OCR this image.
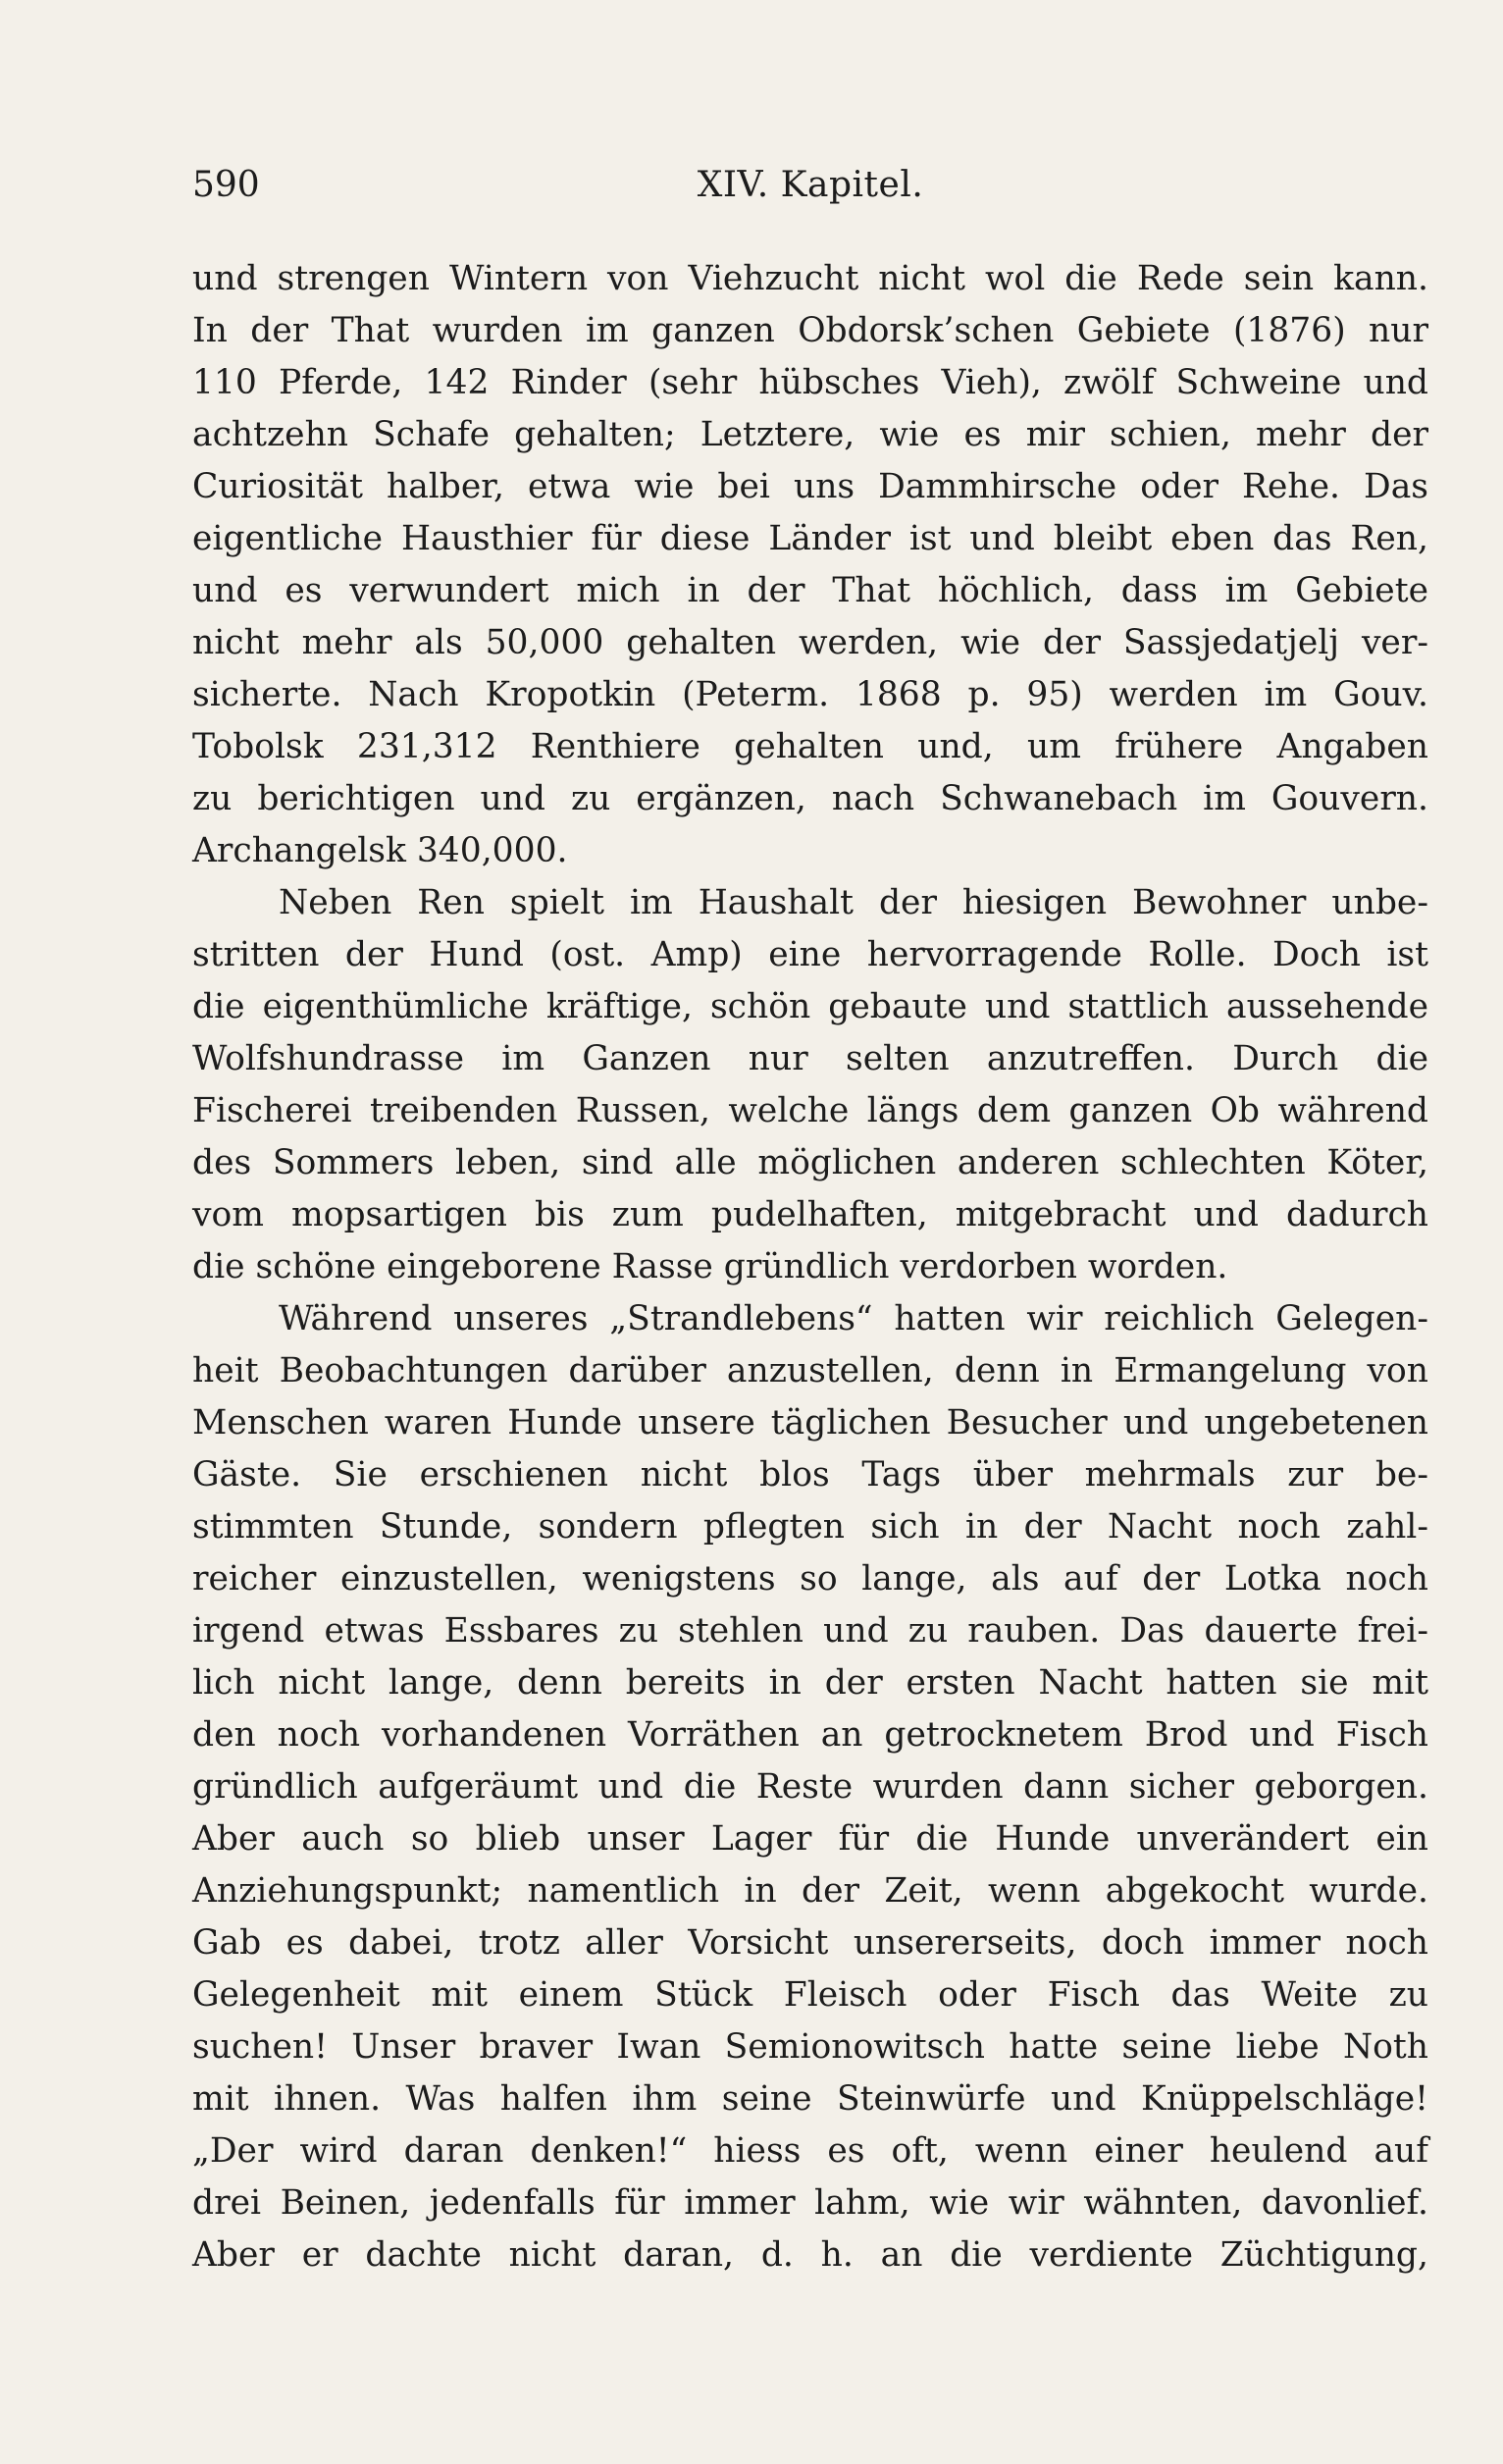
590	XIV. Kapitel.
und strengen Wintern von Viehzucht nicht wol die Rede sein kann.
In der That wurden im ganzen Obdorsk’schen Gebiete (1876) nur
110 Pferde, 142 Rinder (sehr hübsches Vieh), zwölf Schweine und
achtzehn Schafe gehalten; Letztere, wie es mir schien, mehr der
Curiosität halber, etwa wie bei uns Dammhirsche oder Rehe. Das
eigentliche Hausthier für diese Länder ist und bleibt eben das Ren,
und es verwundert mich in der That höchlich, dass im Gebiete
nicht mehr als 50,000 gehalten werden, wie der Sassjedatjelj ver-
sicherte. Nach Kropotkin (Peterm. 1868 p. 95) werden im Gouv.
Tobolsk 231,312 Renthiere gehalten und, um frühere Angaben
zu berichtigen und zu ergänzen, nach Schwanebach im Gouvern.
Archangelsk 340,000.
Neben Ren spielt im Haushalt der hiesigen Bewohner unbe-
stritten der Hund (ost. Amp) eine hervorragende Rolle. Doch ist
die eigenthümliche kräftige, schön gebaute und stattlich aussehende
Wolfshundrasse im Ganzen nur selten anzutreffen. Durch die
Fischerei treibenden Russen, welche längs dem ganzen Ob während
des Sommers leben, sind alle möglichen anderen schlechten Köter,
vom mopsartigen bis zum pudelhaften, mitgebracht und dadurch
die schöne eingeborene Rasse gründlich verdorben worden.
Während unseres „Strandlebens“ hatten wir reichlich Gelegen-
heit Beobachtungen darüber anzustellen, denn in Ermangelung von
Menschen waren Hunde unsere täglichen Besucher und ungebetenen
Gäste. Sie erschienen nicht blos Tags über mehrmals zur be-
stimmten Stunde, sondern pflegten sich in der Nacht noch zahl-
reicher einzustellen, wenigstens so lange, als auf der Lotka noch
irgend etwas Essbares zu stehlen und zu rauben. Das dauerte frei-
lich nicht lange, denn bereits in der ersten Nacht hatten sie mit
den noch vorhandenen Vorräthen an getrocknetem Brod und Fisch
gründlich aufgeräumt und die Reste wurden dann sicher geborgen.
Aber auch so blieb unser Lager für die Hunde unverändert ein
Anziehungspunkt; namentlich in der Zeit, wenn abgekocht wurde.
Gab es dabei, trotz aller Vorsicht unsererseits, doch immer noch
Gelegenheit mit einem Stück Fleisch oder Fisch das Weite zu
suchen! Unser braver Iwan Semionowitsch hatte seine liebe Noth
mit ihnen. Was halfen ihm seine Steinwürfe und Knüppelschläge!
„Der wird daran denken!“ hiess es oft, wenn einer heulend auf
drei Beinen, jedenfalls für immer lahm, wie wir wähnten, davonlief.
Aber er dachte nicht daran, d. h. an die verdiente Züchtigung,
